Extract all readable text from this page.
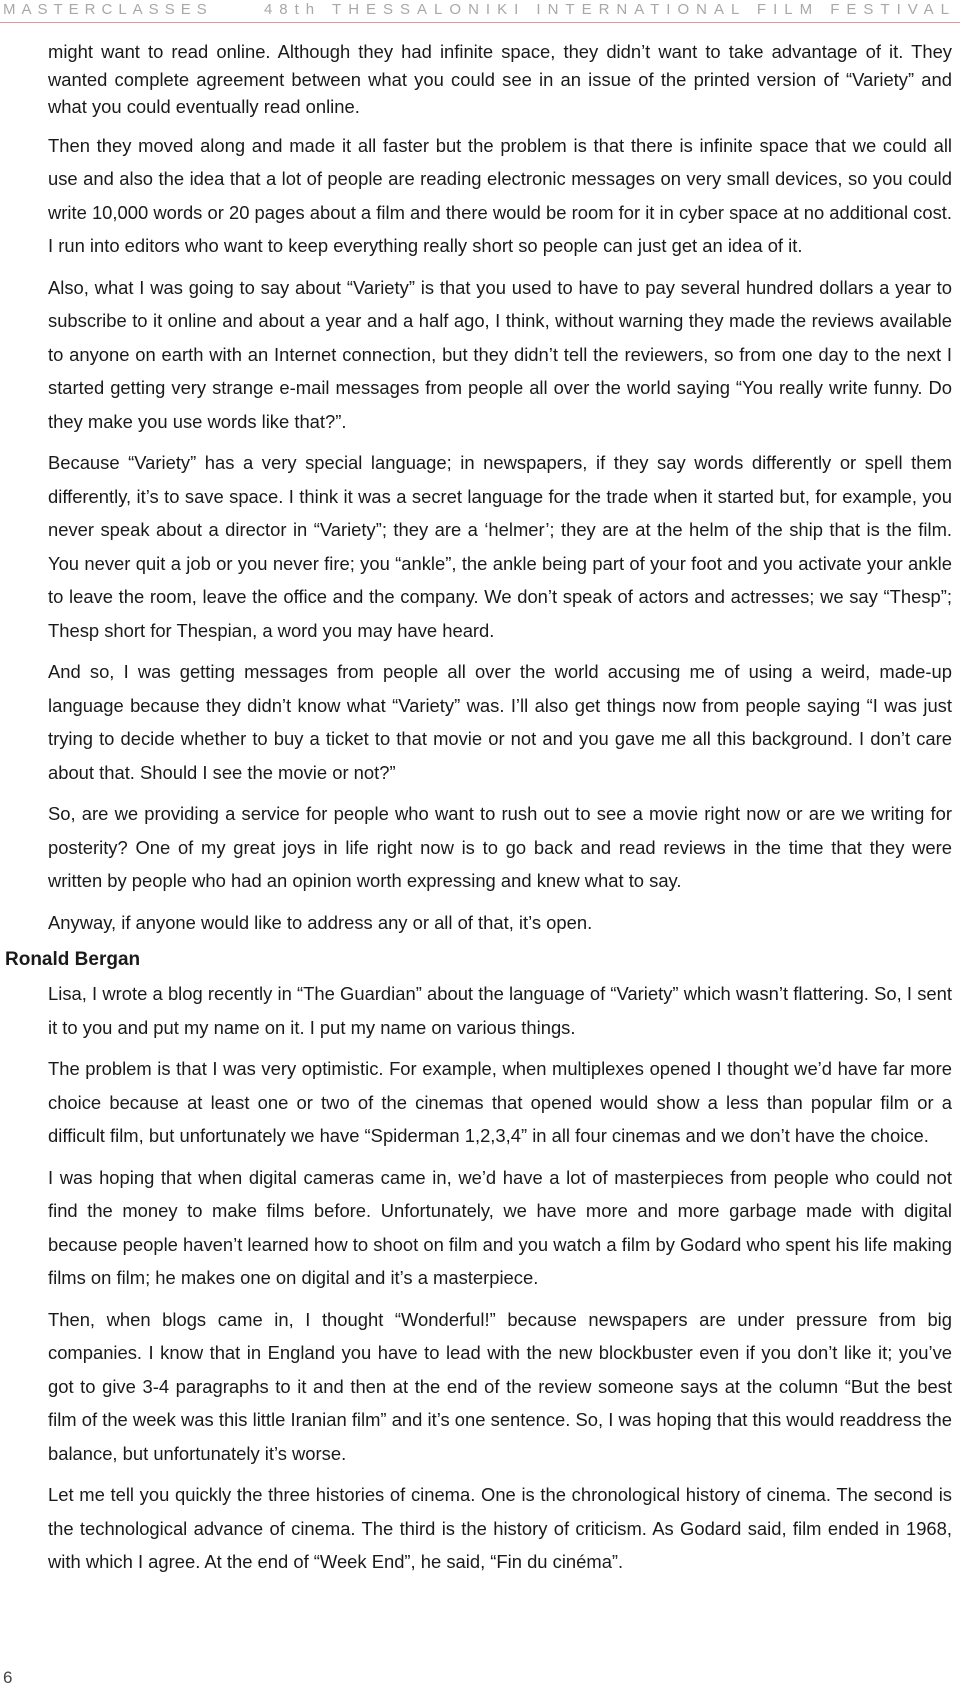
MASTERCLASSES	48th THESSALONIKI INTERNATIONAL FILM FESTIVAL

might want to read online. Although they had infinite space, they didn’t want to take advantage of it. They wanted complete agreement between what you could see in an issue of the printed version of “Variety” and what you could eventually read online.

Then they moved along and made it all faster but the problem is that there is infinite space that we could all use and also the idea that a lot of people are reading electronic messages on very small devices, so you could write 10,000 words or 20 pages about a film and there would be room for it in cyber space at no additional cost. I run into editors who want to keep everything really short so people can just get an idea of it.

Also, what I was going to say about “Variety” is that you used to have to pay several hundred dollars a year to subscribe to it online and about a year and a half ago, I think, without warning they made the reviews available to anyone on earth with an Internet connection, but they didn’t tell the reviewers, so from one day to the next I started getting very strange e-mail messages from people all over the world saying “You really write funny. Do they make you use words like that?”.

Because “Variety” has a very special language; in newspapers, if they say words differently or spell them differently, it’s to save space. I think it was a secret language for the trade when it started but, for example, you never speak about a director in “Variety”; they are a ‘helmer’; they are at the helm of the ship that is the film. You never quit a job or you never fire; you “ankle”, the ankle being part of your foot and you activate your ankle to leave the room, leave the office and the company. We don’t speak of actors and actresses; we say “Thesp”; Thesp short for Thespian, a word you may have heard.

And so, I was getting messages from people all over the world accusing me of using a weird, made-up language because they didn’t know what “Variety” was. I’ll also get things now from people saying “I was just trying to decide whether to buy a ticket to that movie or not and you gave me all this background. I don’t care about that. Should I see the movie or not?”

So, are we providing a service for people who want to rush out to see a movie right now or are we writing for posterity? One of my great joys in life right now is to go back and read reviews in the time that they were written by people who had an opinion worth expressing and knew what to say.

Anyway, if anyone would like to address any or all of that, it’s open.

Ronald Bergan

Lisa, I wrote a blog recently in “The Guardian” about the language of “Variety” which wasn’t flattering. So, I sent it to you and put my name on it. I put my name on various things.

The problem is that I was very optimistic. For example, when multiplexes opened I thought we’d have far more choice because at least one or two of the cinemas that opened would show a less than popular film or a difficult film, but unfortunately we have “Spiderman 1,2,3,4” in all four cinemas and we don’t have the choice.

I was hoping that when digital cameras came in, we’d have a lot of masterpieces from people who could not find the money to make films before. Unfortunately, we have more and more garbage made with digital because people haven’t learned how to shoot on film and you watch a film by Godard who spent his life making films on film; he makes one on digital and it’s a masterpiece.

Then, when blogs came in, I thought “Wonderful!” because newspapers are under pressure from big companies. I know that in England you have to lead with the new blockbuster even if you don’t like it; you’ve got to give 3-4 paragraphs to it and then at the end of the review someone says at the column “But the best film of the week was this little Iranian film” and it’s one sentence. So, I was hoping that this would readdress the balance, but unfortunately it’s worse.

Let me tell you quickly the three histories of cinema. One is the chronological history of cinema. The second is the technological advance of cinema. The third is the history of criticism. As Godard said, film ended in 1968, with which I agree. At the end of “Week End”, he said, “Fin du cinéma”.

6
